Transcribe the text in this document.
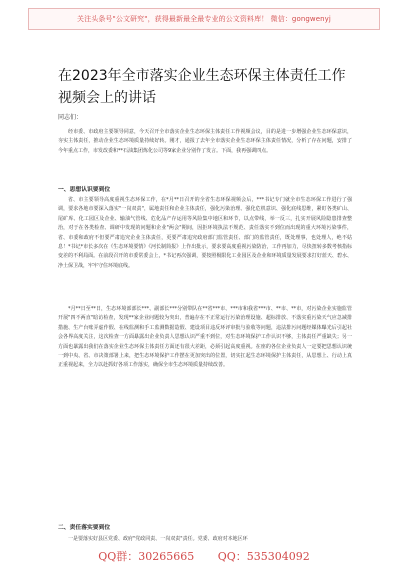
关注头条号"公文研究"，获得最新最全最专业的公文资料库！ 微信：gongwenyj
在2023年全市落实企业生态环保主体责任工作视频会上的讲话
同志们：

经市委、市政府主要领导同意，今天召开全市落实企业生态环保主体责任工作视频会议，目的是进一步增强企业生态环保意识，夯实主体责任，推动企业生态环境质量持续好转。刚才，通报了去年全市落实企业生态环保主体责任情况，分析了存在问题，安排了今年重点工作，市发改委和**石油集团炼化公司等9家企业分别作了发言。下面，我再强调四点。

一、思想认识要到位

省、市主要领导高度重视生态环保工作，在*月**日召开的全省生态环保视频会后，***书记专门就全市生态环保工作进行了强调，要求各地市要深入落实"一岗双责"，属地责任和企业主体责任，强化污染治理、强化危机意识、强化底线思维，紧盯各类矿山、尾矿库、化工园区及企业、输油气管线、危化品产存运用等风险集中地区和环节，以点带线，举一反三，扎实开展风险隐患排查整治，对于在各类检查、调研中发现的问题和企业"两会"期间，因拒环境执法不规范、责任落实不到位而出现的重大环境污染事件，省、市委和政府不但要严肃追究企业主体责任，更要严肃追究政府部门监管责任、部门的监管责任，既处理事，也处理人，绝不姑息！*书记*市长多次在《生态环境要情》《河长制简报》上作出批示，要求要高度重视污染防治，工作再加力，尽快扭转多数考核指标变差的不利局面。在前段召开的市委常委会上，*书记再次强调，要按照极限化工业园区及企业和环境质量发展要求打好蓝天、碧水、净土保卫战，牢牢守住环境底线。

*月**日至**日，生态环境部部长***、副部长***分别带队在**省***市、***市和我省***市、**市、**市，对污染企业实施监管开展"四不两直"暗访检查，发现**家企业问题较为突出，普遍存在不正常运行污染治理设施、超标排放、不落实重污染天气应急减排措施、生产台账弄虚作假、在线监测和手工监测数据造假、建设项目违反环评审批与验收等问题，违法排污问题经媒体曝光后引起社会各界高度关注，这次检查一方面暴露出企业负责人思想认识严重不到位，对生态环境保护工作认识不够，主体责任严重缺失；另一方面也暴露出我们在落实企业生态环保主体责任方面还有很大差距，必须引起高度重视。在座的各位企业负责人一定要把思想认识统一到中央、省、市决策部署上来，把生态环境保护工作摆在更加突出的位置，切实扛起生态环境保护主体责任，从思想上、行动上真正重视起来，全力以赴抓好各项工作落实，确保全市生态环境质量持续改善。

二、责任落实要到位

一是要落实好县区党委、政府"党政同责、一岗双责"责任。党委、政府对本地区环

QQ群：30265665 QQ：535304092
